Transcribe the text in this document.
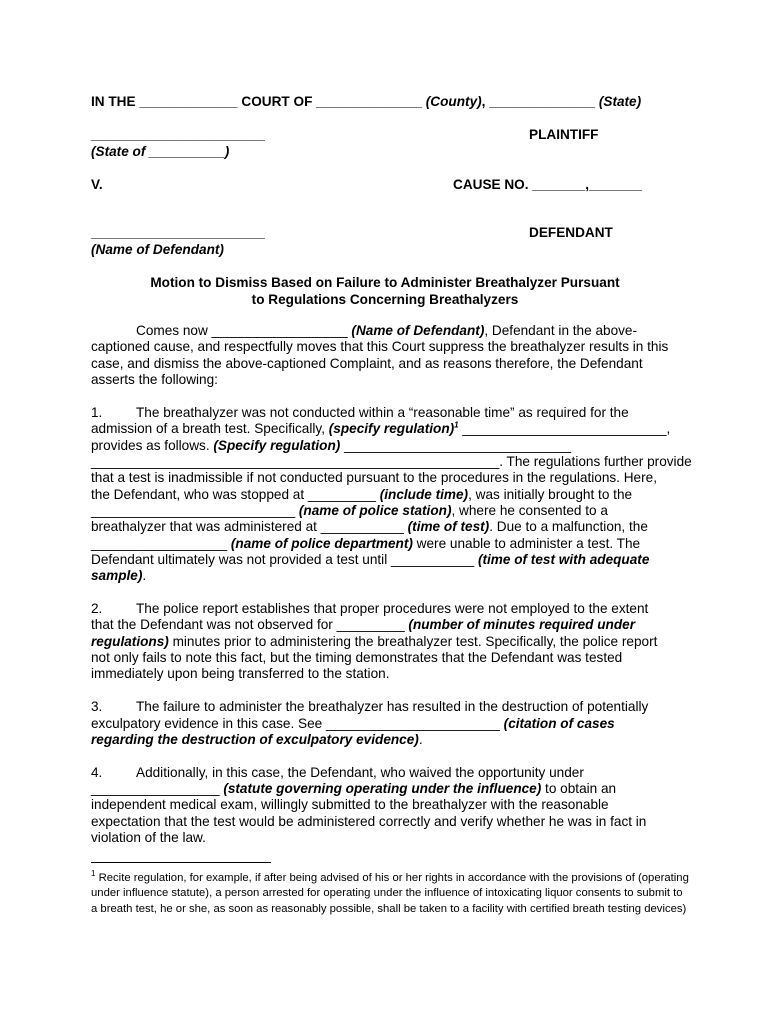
IN THE _____________ COURT OF ______________ (County), ______________ (State)
_______________________	PLAINTIFF
(State of __________)
V.	CAUSE NO. _______,_______
_______________________	DEFENDANT
(Name of Defendant)
Motion to Dismiss Based on Failure to Administer Breathalyzer Pursuant
to Regulations Concerning Breathalyzers
Comes now __________________ (Name of Defendant), Defendant in the above-
captioned cause, and respectfully moves that this Court suppress the breathalyzer results in this
case, and dismiss the above-captioned Complaint, and as reasons therefore, the Defendant
asserts the following:
1. The breathalyzer was not conducted within a “reasonable time” as required for the
admission of a breath test. Specifically, (specify regulation)$^1$ ___________________________,
provides as follows. (Specify regulation) ______________________________
______________________________________________________. The regulations further provide
that a test is inadmissible if not conducted pursuant to the procedures in the regulations. Here,
the Defendant, who was stopped at _________ (include time), was initially brought to the
___________________________ (name of police station), where he consented to a
breathalyzer that was administered at ___________ (time of test). Due to a malfunction, the
__________________ (name of police department) were unable to administer a test. The
Defendant ultimately was not provided a test until ___________ (time of test with adequate
sample).
2. The police report establishes that proper procedures were not employed to the extent
that the Defendant was not observed for _________ (number of minutes required under
regulations) minutes prior to administering the breathalyzer test. Specifically, the police report
not only fails to note this fact, but the timing demonstrates that the Defendant was tested
immediately upon being transferred to the station.
3. The failure to administer the breathalyzer has resulted in the destruction of potentially
exculpatory evidence in this case. See _______________________ (citation of cases
regarding the destruction of exculpatory evidence).
4. Additionally, in this case, the Defendant, who waived the opportunity under
_________________ (statute governing operating under the influence) to obtain an
independent medical exam, willingly submitted to the breathalyzer with the reasonable
expectation that the test would be administered correctly and verify whether he was in fact in
violation of the law.
$^1$ Recite regulation, for example, if after being advised of his or her rights in accordance with the provisions of (operating under influence statute), a person arrested for operating under the influence of intoxicating liquor consents to submit to a breath test, he or she, as soon as reasonably possible, shall be taken to a facility with certified breath testing devices)
